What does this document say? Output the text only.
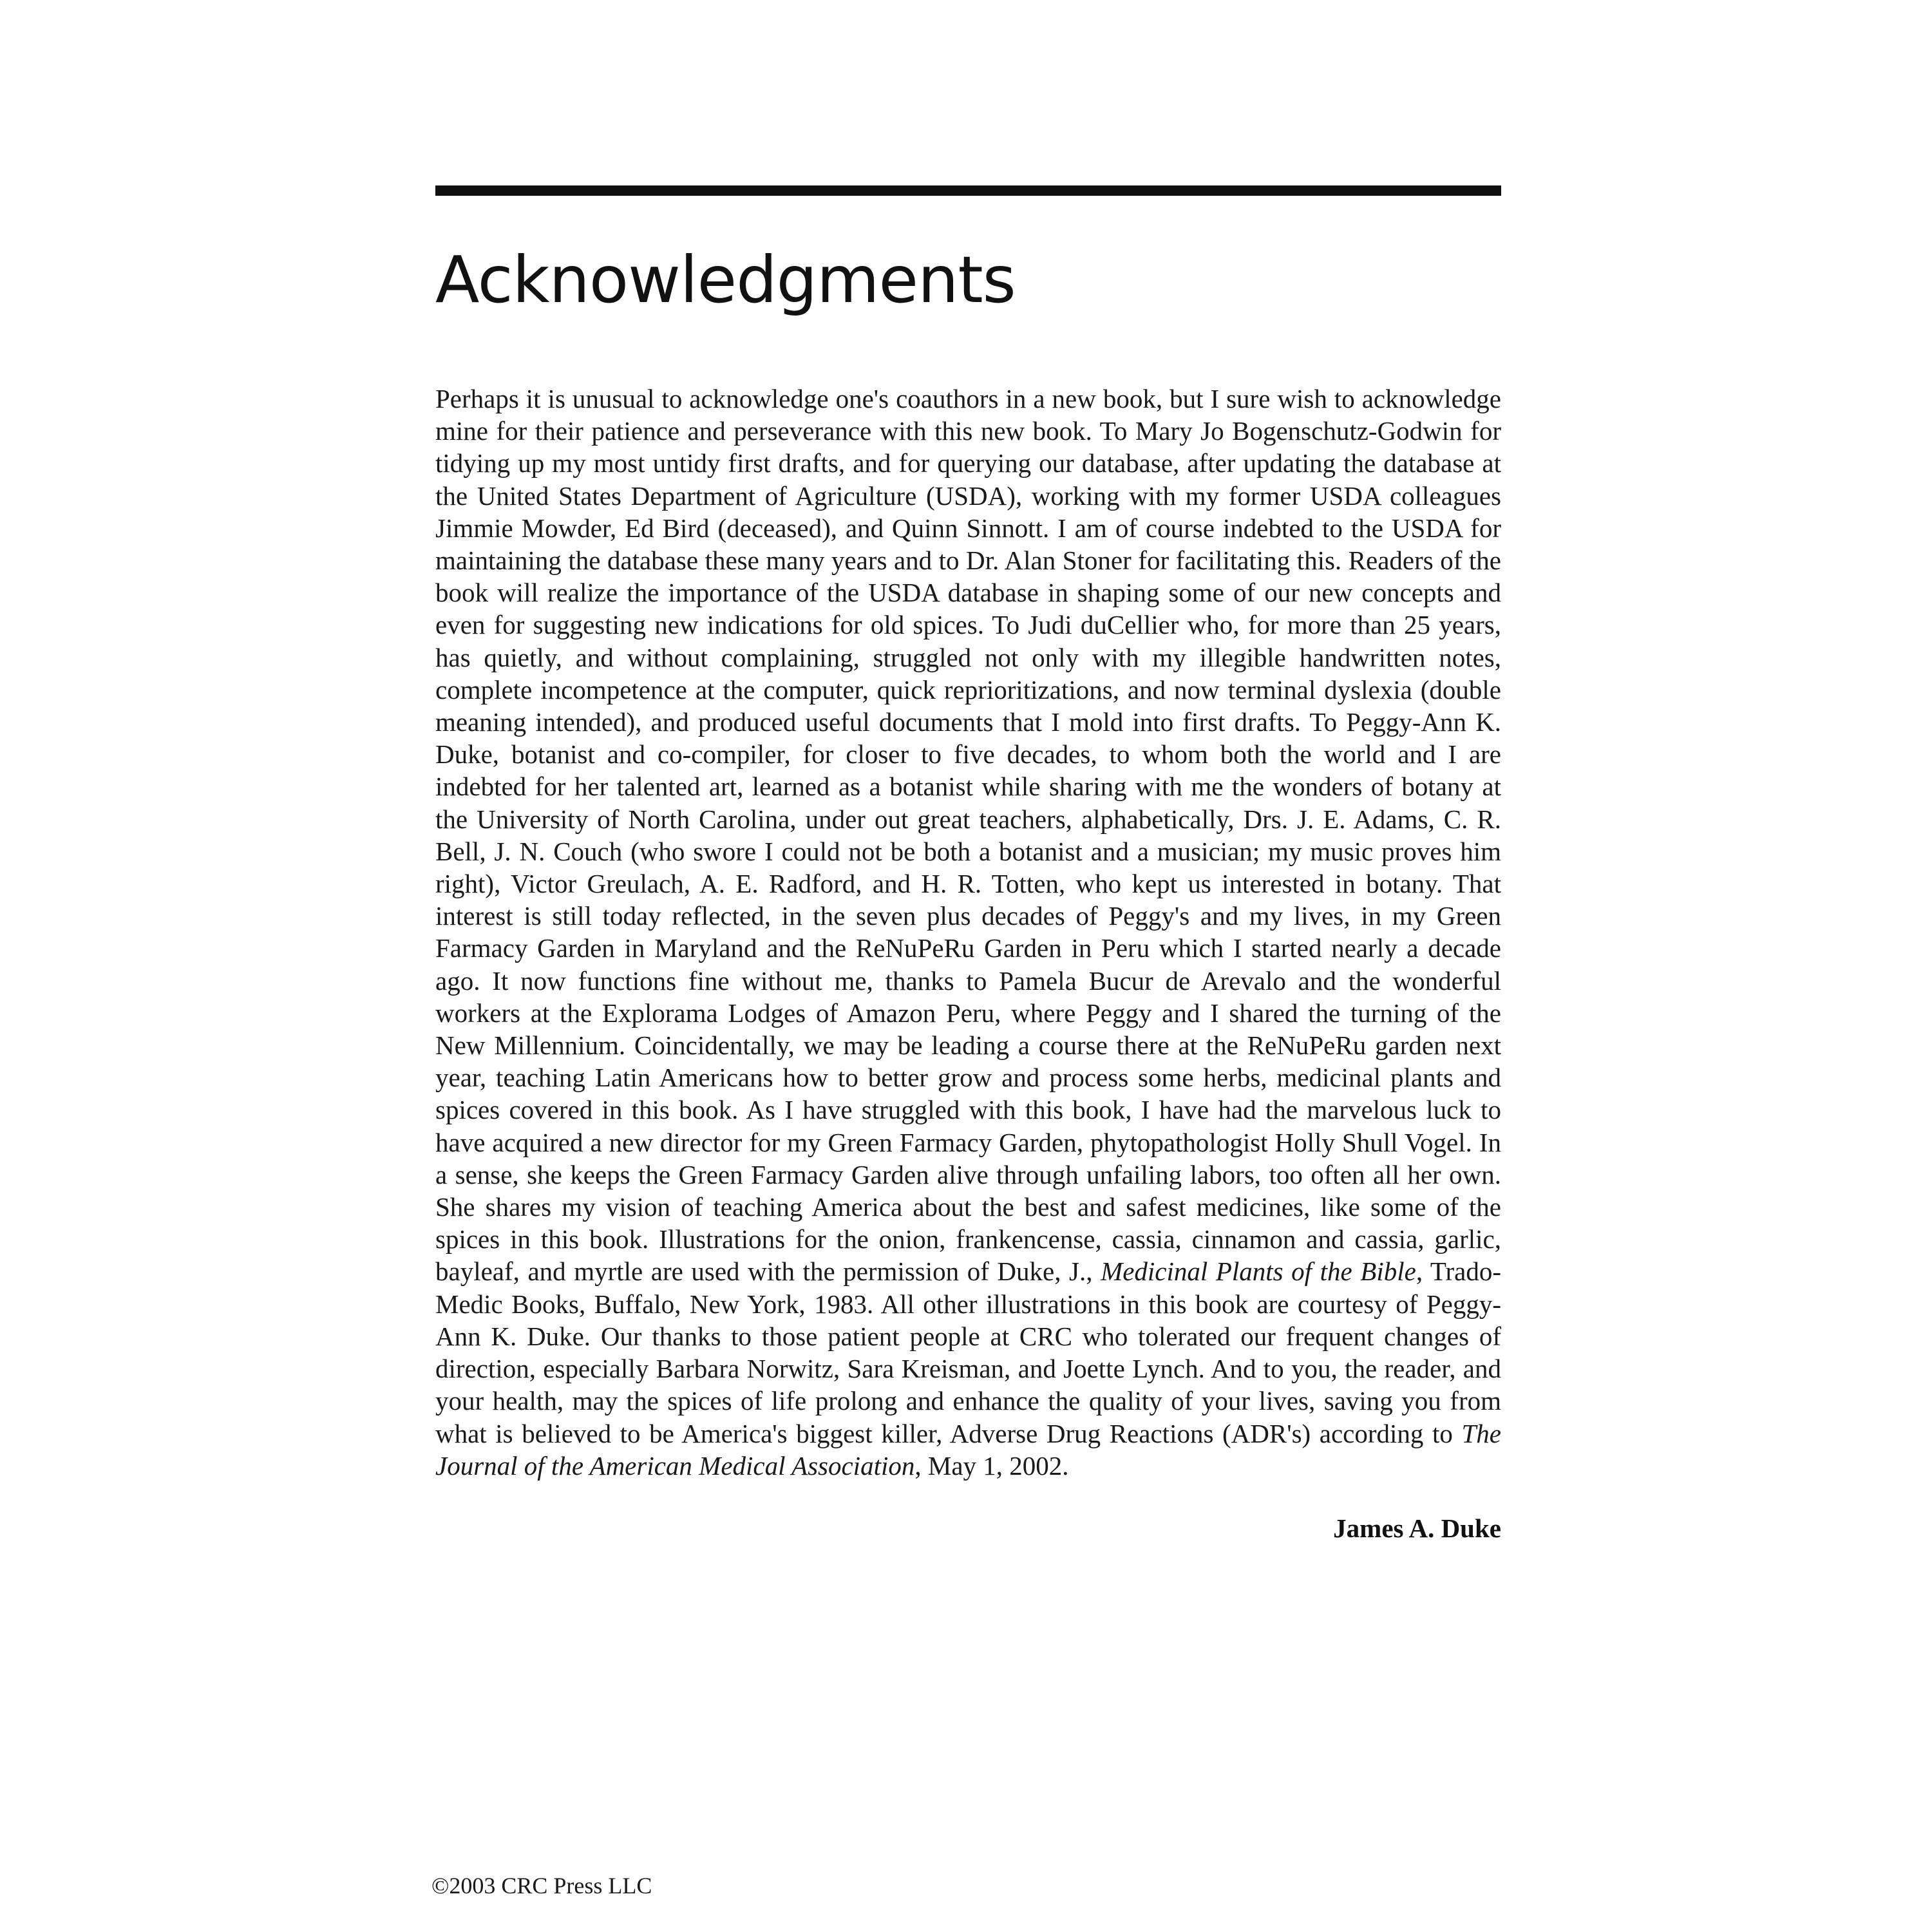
Acknowledgments

Perhaps it is unusual to acknowledge one's coauthors in a new book, but I sure wish to acknowledge mine for their patience and perseverance with this new book. To Mary Jo Bogenschutz-Godwin for tidying up my most untidy first drafts, and for querying our database, after updating the database at the United States Department of Agriculture (USDA), working with my former USDA colleagues Jimmie Mowder, Ed Bird (deceased), and Quinn Sinnott. I am of course indebted to the USDA for maintaining the database these many years and to Dr. Alan Stoner for facilitating this. Readers of the book will realize the importance of the USDA database in shaping some of our new concepts and even for suggesting new indications for old spices. To Judi duCellier who, for more than 25 years, has quietly, and without complaining, struggled not only with my illegible handwritten notes, complete incompetence at the computer, quick reprioritizations, and now terminal dyslexia (double meaning intended), and produced useful documents that I mold into first drafts. To Peggy-Ann K. Duke, botanist and co-compiler, for closer to five decades, to whom both the world and I are indebted for her talented art, learned as a botanist while sharing with me the wonders of botany at the University of North Carolina, under out great teachers, alphabetically, Drs. J. E. Adams, C. R. Bell, J. N. Couch (who swore I could not be both a botanist and a musician; my music proves him right), Victor Greulach, A. E. Radford, and H. R. Totten, who kept us interested in botany. That interest is still today reflected, in the seven plus decades of Peggy's and my lives, in my Green Farmacy Garden in Maryland and the ReNuPeRu Garden in Peru which I started nearly a decade ago. It now functions fine without me, thanks to Pamela Bucur de Arevalo and the wonderful workers at the Explorama Lodges of Amazon Peru, where Peggy and I shared the turning of the New Millennium. Coincidentally, we may be leading a course there at the ReNuPeRu garden next year, teaching Latin Americans how to better grow and process some herbs, medicinal plants and spices covered in this book. As I have struggled with this book, I have had the marvelous luck to have acquired a new director for my Green Farmacy Garden, phytopathologist Holly Shull Vogel. In a sense, she keeps the Green Farmacy Garden alive through unfailing labors, too often all her own. She shares my vision of teaching America about the best and safest medicines, like some of the spices in this book. Illustrations for the onion, frankencense, cassia, cinnamon and cassia, garlic, bayleaf, and myrtle are used with the permission of Duke, J., Medicinal Plants of the Bible, Trado-Medic Books, Buffalo, New York, 1983. All other illustrations in this book are courtesy of Peggy-Ann K. Duke. Our thanks to those patient people at CRC who tolerated our frequent changes of direction, especially Barbara Norwitz, Sara Kreisman, and Joette Lynch. And to you, the reader, and your health, may the spices of life prolong and enhance the quality of your lives, saving you from what is believed to be America's biggest killer, Adverse Drug Reactions (ADR's) according to The Journal of the American Medical Association, May 1, 2002.

James A. Duke

©2003 CRC Press LLC
